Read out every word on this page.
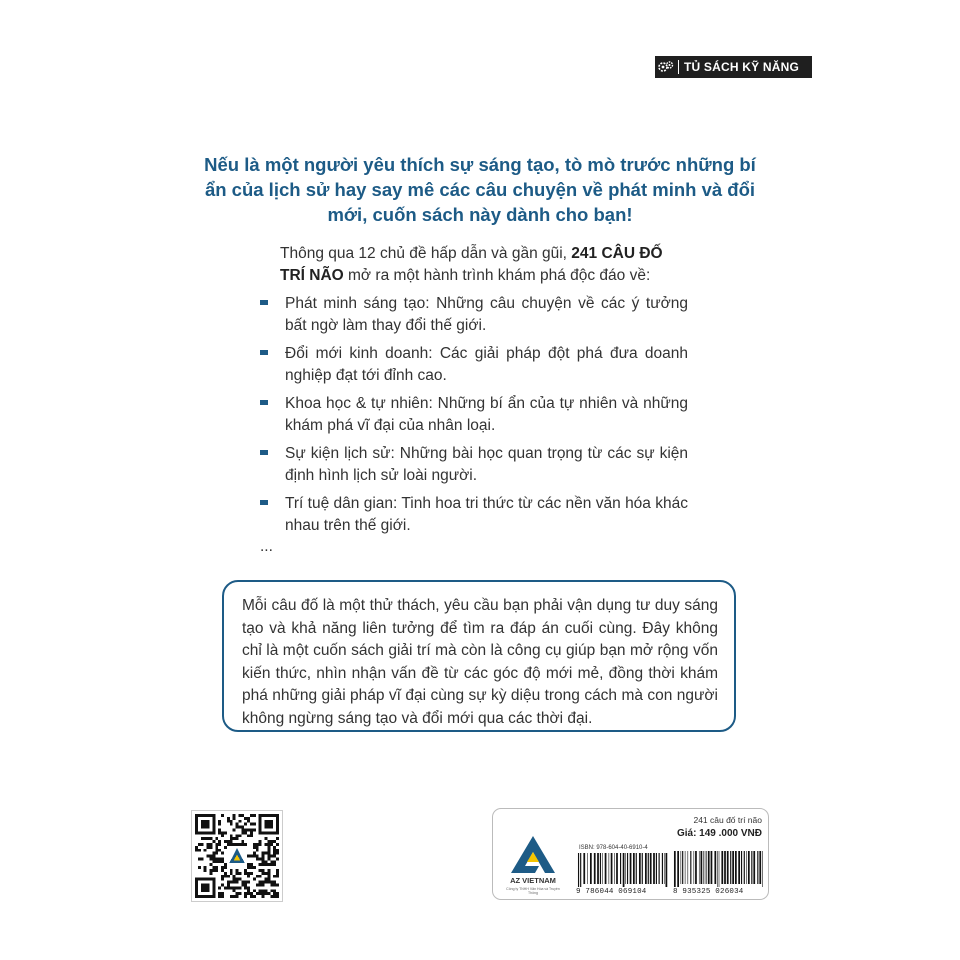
TỦ SÁCH KỸ NĂNG
Nếu là một người yêu thích sự sáng tạo, tò mò trước những bí ẩn của lịch sử hay say mê các câu chuyện về phát minh và đổi mới, cuốn sách này dành cho bạn!
Thông qua 12 chủ đề hấp dẫn và gần gũi, 241 CÂU ĐỐ TRÍ NÃO mở ra một hành trình khám phá độc đáo về:
Phát minh sáng tạo: Những câu chuyện về các ý tưởng bất ngờ làm thay đổi thế giới.
Đổi mới kinh doanh: Các giải pháp đột phá đưa doanh nghiệp đạt tới đỉnh cao.
Khoa học & tự nhiên: Những bí ẩn của tự nhiên và những khám phá vĩ đại của nhân loại.
Sự kiện lịch sử: Những bài học quan trọng từ các sự kiện định hình lịch sử loài người.
Trí tuệ dân gian: Tinh hoa tri thức từ các nền văn hóa khác nhau trên thế giới.
...
Mỗi câu đố là một thử thách, yêu cầu bạn phải vận dụng tư duy sáng tạo và khả năng liên tưởng để tìm ra đáp án cuối cùng. Đây không chỉ là một cuốn sách giải trí mà còn là công cụ giúp bạn mở rộng vốn kiến thức, nhìn nhận vấn đề từ các góc độ mới mẻ, đồng thời khám phá những giải pháp vĩ đại cùng sự kỳ diệu trong cách mà con người không ngừng sáng tạo và đổi mới qua các thời đại.
AZ VIETNAM
Công ty TNHH Văn Hóa và Truyền Thông
241 câu đố trí não
Giá: 149 .000 VNĐ
ISBN: 978-604-40-6910-4
9 786044 069104	8 935325 026034
